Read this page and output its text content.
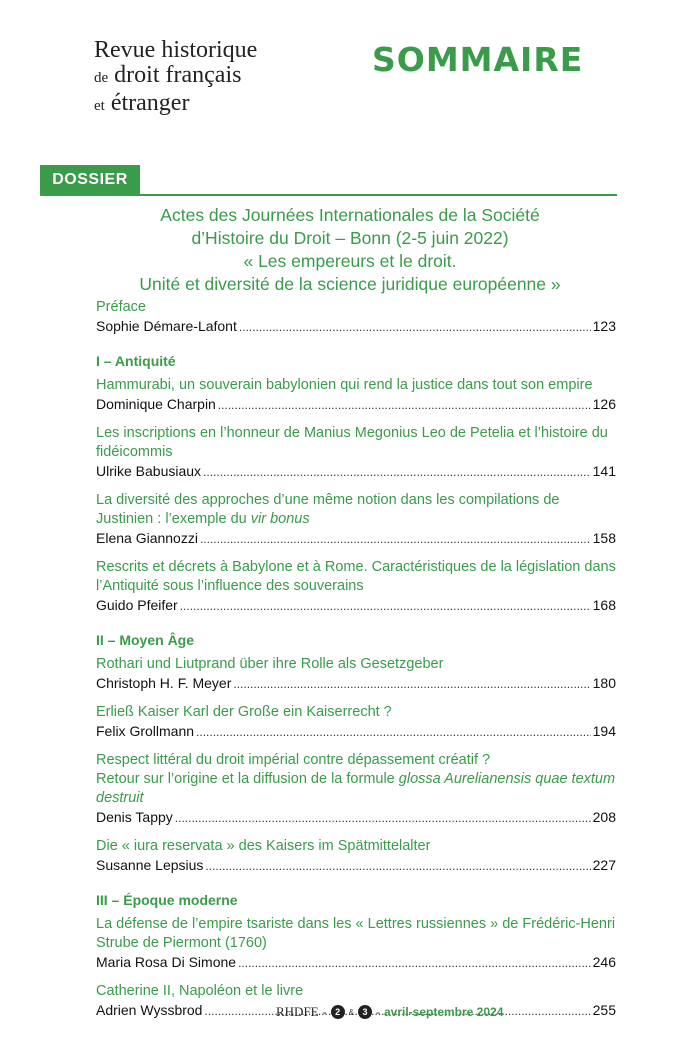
Revue historique
de droit français
et étranger
SOMMAIRE
DOSSIER
Actes des Journées Internationales de la Société
d’Histoire du Droit – Bonn (2-5 juin 2022)
« Les empereurs et le droit.
Unité et diversité de la science juridique européenne »
Préface
Sophie Démare-Lafont .....	123
I – Antiquité
Hammurabi, un souverain babylonien qui rend la justice dans tout son empire
Dominique Charpin .....	126
Les inscriptions en l’honneur de Manius Megonius Leo de Petelia et l’histoire du fidéicommis
Ulrike Babusiaux .....	141
La diversité des approches d’une même notion dans les compilations de Justinien : l’exemple du vir bonus
Elena Giannozzi .....	158
Rescrits et décrets à Babylone et à Rome. Caractéristiques de la législation dans l’Antiquité sous l’influence des souverains
Guido Pfeifer .....	168
II – Moyen Âge
Rothari und Liutprand über ihre Rolle als Gesetzgeber
Christoph H. F. Meyer .....	180
Erließ Kaiser Karl der Große ein Kaiserrecht ?
Felix Grollmann .....	194
Respect littéral du droit impérial contre dépassement créatif ?
Retour sur l’origine et la diffusion de la formule glossa Aurelianensis quae textum destruit
Denis Tappy .....	208
Die « iura reservata » des Kaisers im Spätmittelalter
Susanne Lepsius .....	227
III – Époque moderne
La défense de l’empire tsariste dans les « Lettres russiennes » de Frédéric-Henri Strube de Piermont (1760)
Maria Rosa Di Simone .....	246
Catherine II, Napoléon et le livre
Adrien Wyssbrod .....	255
RHDFE - 2	& 3 - avril-septembre 2024
